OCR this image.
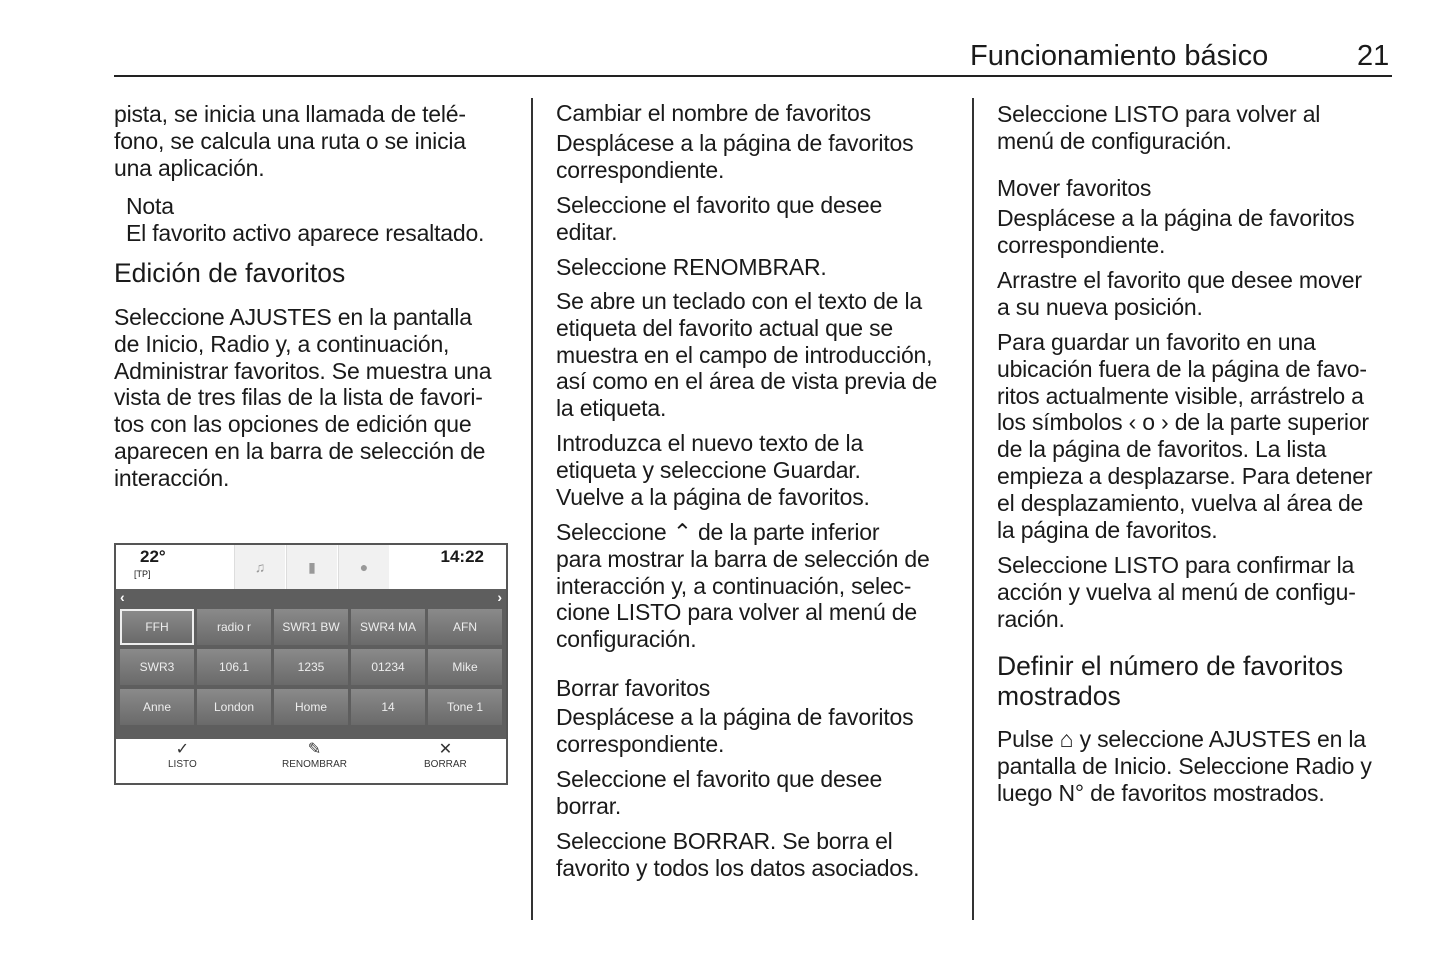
Funcionamiento básico	21
pista, se inicia una llamada de telé-
fono, se calcula una ruta o se inicia
una aplicación.
Nota
El favorito activo aparece resaltado.
Edición de favoritos
Seleccione AJUSTES en la pantalla
de Inicio, Radio y, a continuación,
Administrar favoritos. Se muestra una
vista de tres filas de la lista de favori-
tos con las opciones de edición que
aparecen en la barra de selección de
interacción.
22°
[TP]	♫	▮	●
14:22
‹	›
FFH	radio r	SWR1 BW	SWR4 MA	AFN
SWR3	106.1	1235	01234	Mike
Anne	London	Home	14	Tone 1
✓
LISTO
✎
RENOMBRAR
✕
BORRAR
Cambiar el nombre de favoritos
Desplácese a la página de favoritos
correspondiente.
Seleccione el favorito que desee
editar.
Seleccione RENOMBRAR.
Se abre un teclado con el texto de la
etiqueta del favorito actual que se
muestra en el campo de introducción,
así como en el área de vista previa de
la etiqueta.
Introduzca el nuevo texto de la
etiqueta y seleccione Guardar.
Vuelve a la página de favoritos.
Seleccione ⌃ de la parte inferior
para mostrar la barra de selección de
interacción y, a continuación, selec-
cione LISTO para volver al menú de
configuración.
Borrar favoritos
Desplácese a la página de favoritos
correspondiente.
Seleccione el favorito que desee
borrar.
Seleccione BORRAR. Se borra el
favorito y todos los datos asociados.
Seleccione LISTO para volver al
menú de configuración.
Mover favoritos
Desplácese a la página de favoritos
correspondiente.
Arrastre el favorito que desee mover
a su nueva posición.
Para guardar un favorito en una
ubicación fuera de la página de favo-
ritos actualmente visible, arrástrelo a
los símbolos ‹ o › de la parte superior
de la página de favoritos. La lista
empieza a desplazarse. Para detener
el desplazamiento, vuelva al área de
la página de favoritos.
Seleccione LISTO para confirmar la
acción y vuelva al menú de configu-
ración.
Definir el número de favoritos
mostrados
Pulse ⌂ y seleccione AJUSTES en la
pantalla de Inicio. Seleccione Radio y
luego N° de favoritos mostrados.
